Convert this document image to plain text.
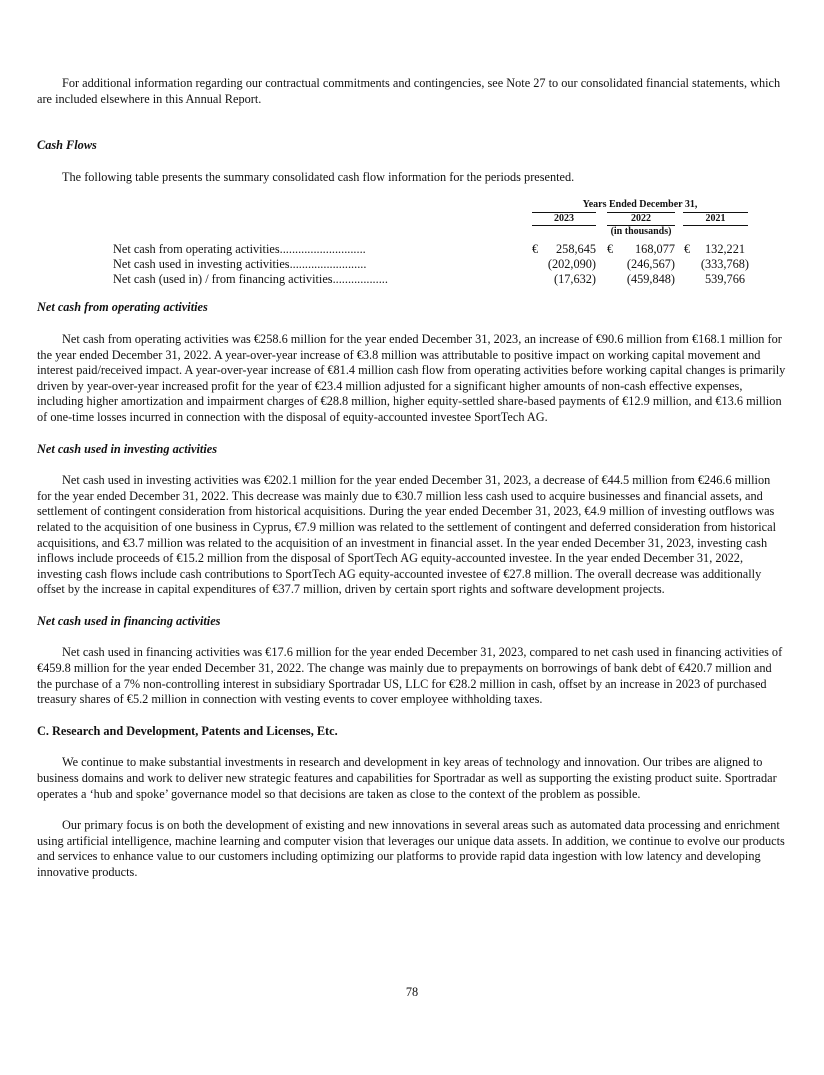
For additional information regarding our contractual commitments and contingencies, see Note 27 to our consolidated financial statements, which are included elsewhere in this Annual Report.

Cash Flows

The following table presents the summary consolidated cash flow information for the periods presented.

Years Ended December 31,
2023	2022	2021
(in thousands)
Net cash from operating activities............................	€	258,645 €	168,077 €	132,221
Net cash used in investing activities.........................	(202,090)	(246,567)	(333,768)
Net cash (used in) / from financing activities..................	(17,632)	(459,848)	539,766

Net cash from operating activities

Net cash from operating activities was €258.6 million for the year ended December 31, 2023, an increase of €90.6 million from €168.1 million for the year ended December 31, 2022. A year-over-year increase of €3.8 million was attributable to positive impact on working capital movement and interest paid/received impact. A year-over-year increase of €81.4 million cash flow from operating activities before working capital changes is primarily driven by year-over-year increased profit for the year of €23.4 million adjusted for a significant higher amounts of non-cash effective expenses, including higher amortization and impairment charges of €28.8 million, higher equity-settled share-based payments of €12.9 million, and €13.6 million of one-time losses incurred in connection with the disposal of equity-accounted investee SportTech AG.

Net cash used in investing activities

Net cash used in investing activities was €202.1 million for the year ended December 31, 2023, a decrease of €44.5 million from €246.6 million for the year ended December 31, 2022. This decrease was mainly due to €30.7 million less cash used to acquire businesses and financial assets, and settlement of contingent consideration from historical acquisitions. During the year ended December 31, 2023, €4.9 million of investing outflows was related to the acquisition of one business in Cyprus, €7.9 million was related to the settlement of contingent and deferred consideration from historical acquisitions, and €3.7 million was related to the acquisition of an investment in financial asset. In the year ended December 31, 2023, investing cash inflows include proceeds of €15.2 million from the disposal of SportTech AG equity-accounted investee. In the year ended December 31, 2022, investing cash flows include cash contributions to SportTech AG equity-accounted investee of €27.8 million. The overall decrease was additionally offset by the increase in capital expenditures of €37.7 million, driven by certain sport rights and software development projects.

Net cash used in financing activities

Net cash used in financing activities was €17.6 million for the year ended December 31, 2023, compared to net cash used in financing activities of €459.8 million for the year ended December 31, 2022. The change was mainly due to prepayments on borrowings of bank debt of €420.7 million and the purchase of a 7% non-controlling interest in subsidiary Sportradar US, LLC for €28.2 million in cash, offset by an increase in 2023 of purchased treasury shares of €5.2 million in connection with vesting events to cover employee withholding taxes.

C. Research and Development, Patents and Licenses, Etc.

We continue to make substantial investments in research and development in key areas of technology and innovation. Our tribes are aligned to business domains and work to deliver new strategic features and capabilities for Sportradar as well as supporting the existing product suite. Sportradar operates a ‘hub and spoke’ governance model so that decisions are taken as close to the context of the problem as possible.

Our primary focus is on both the development of existing and new innovations in several areas such as automated data processing and enrichment using artificial intelligence, machine learning and computer vision that leverages our unique data assets. In addition, we continue to evolve our products and services to enhance value to our customers including optimizing our platforms to provide rapid data ingestion with low latency and developing innovative products.

78
